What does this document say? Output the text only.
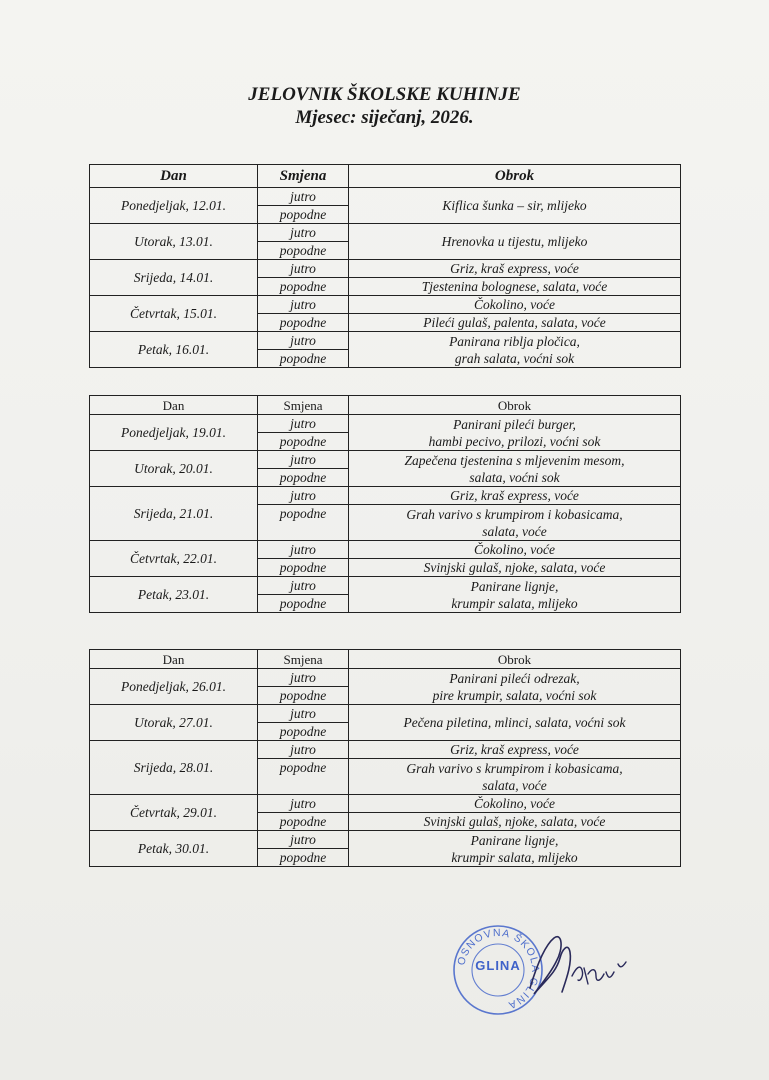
JELOVNIK ŠKOLSKE KUHINJE
Mjesec: siječanj, 2026.
Dan	Smjena	Obrok
Ponedjeljak, 12.01.	jutro	Kiflica šunka – sir, mlijeko
	popodne	
Utorak, 13.01.	jutro	Hrenovka u tijestu, mlijeko
	popodne	
Srijeda, 14.01.	jutro	Griz, kraš express, voće
	popodne	Tjestenina bolognese, salata, voće
Četvrtak, 15.01.	jutro	Čokolino, voće
	popodne	Pileći gulaš, palenta, salata, voće
Petak, 16.01.	jutro	Panirana riblja pločica,
grah salata, voćni sok

	popodne	
Dan	Smjena	Obrok
Ponedjeljak, 19.01.	jutro	Panirani pileći burger,
hambi pecivo, prilozi, voćni sok

	popodne	
Utorak, 20.01.	jutro	Zapečena tjestenina s mljevenim mesom,
salata, voćni sok

	popodne	
Srijeda, 21.01.	jutro	Griz, kraš express, voće
	popodne	Grah varivo s krumpirom i kobasicama,
salata, voće

Četvrtak, 22.01.	jutro	Čokolino, voće
	popodne	Svinjski gulaš, njoke, salata, voće
Petak, 23.01.	jutro	Panirane lignje,
krumpir salata, mlijeko

	popodne	
Dan	Smjena	Obrok
Ponedjeljak, 26.01.	jutro	Panirani pileći odrezak,
pire krumpir, salata, voćni sok

	popodne	
Utorak, 27.01.	jutro	Pečena piletina, mlinci, salata, voćni sok
	popodne	
Srijeda, 28.01.	jutro	Griz, kraš express, voće
	popodne	Grah varivo s krumpirom i kobasicama,
salata, voće

Četvrtak, 29.01.	jutro	Čokolino, voće
	popodne	Svinjski gulaš, njoke, salata, voće
Petak, 30.01.	jutro	Panirane lignje,
krumpir salata, mlijeko

	popodne	
OSNOVNA ŠKOLA GLINA
GLINA
